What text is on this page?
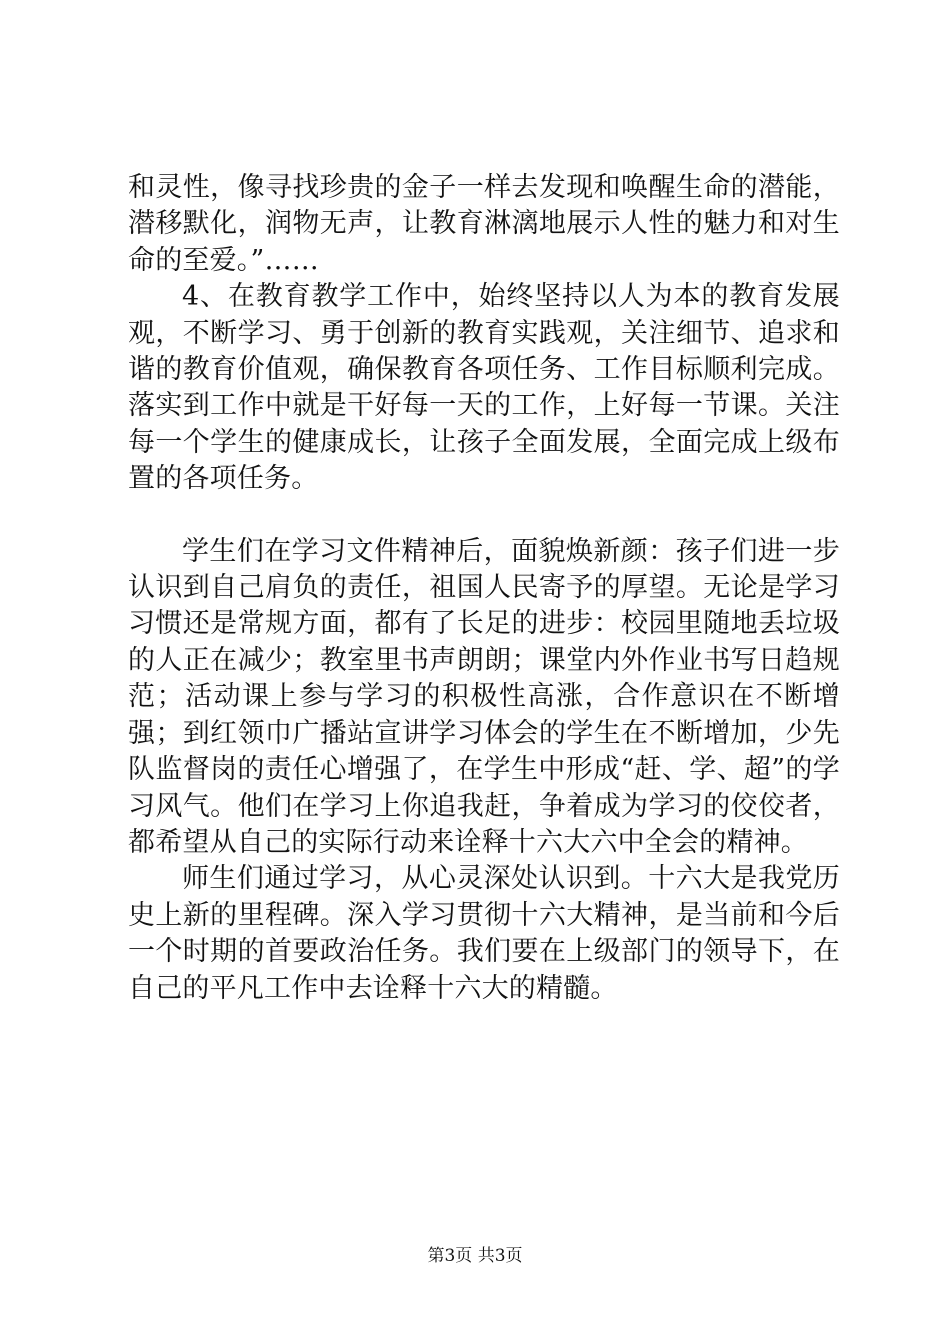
和灵性，像寻找珍贵的金子一样去发现和唤醒生命的潜能，潜移默化，润物无声，让教育淋漓地展示人性的魅力和对生命的至爱。”……

4、在教育教学工作中，始终坚持以人为本的教育发展观，不断学习、勇于创新的教育实践观，关注细节、追求和谐的教育价值观，确保教育各项任务、工作目标顺利完成。落实到工作中就是干好每一天的工作，上好每一节课。关注每一个学生的健康成长，让孩子全面发展，全面完成上级布置的各项任务。

学生们在学习文件精神后，面貌焕新颜：孩子们进一步认识到自己肩负的责任，祖国人民寄予的厚望。无论是学习习惯还是常规方面，都有了长足的进步：校园里随地丢垃圾的人正在减少；教室里书声朗朗；课堂内外作业书写日趋规范；活动课上参与学习的积极性高涨，合作意识在不断增强；到红领巾广播站宣讲学习体会的学生在不断增加，少先队监督岗的责任心增强了，在学生中形成“赶、学、超”的学习风气。他们在学习上你追我赶，争着成为学习的佼佼者，都希望从自己的实际行动来诠释十六大六中全会的精神。

师生们通过学习，从心灵深处认识到。十六大是我党历史上新的里程碑。深入学习贯彻十六大精神，是当前和今后一个时期的首要政治任务。我们要在上级部门的领导下，在自己的平凡工作中去诠释十六大的精髓。

第3页 共3页
